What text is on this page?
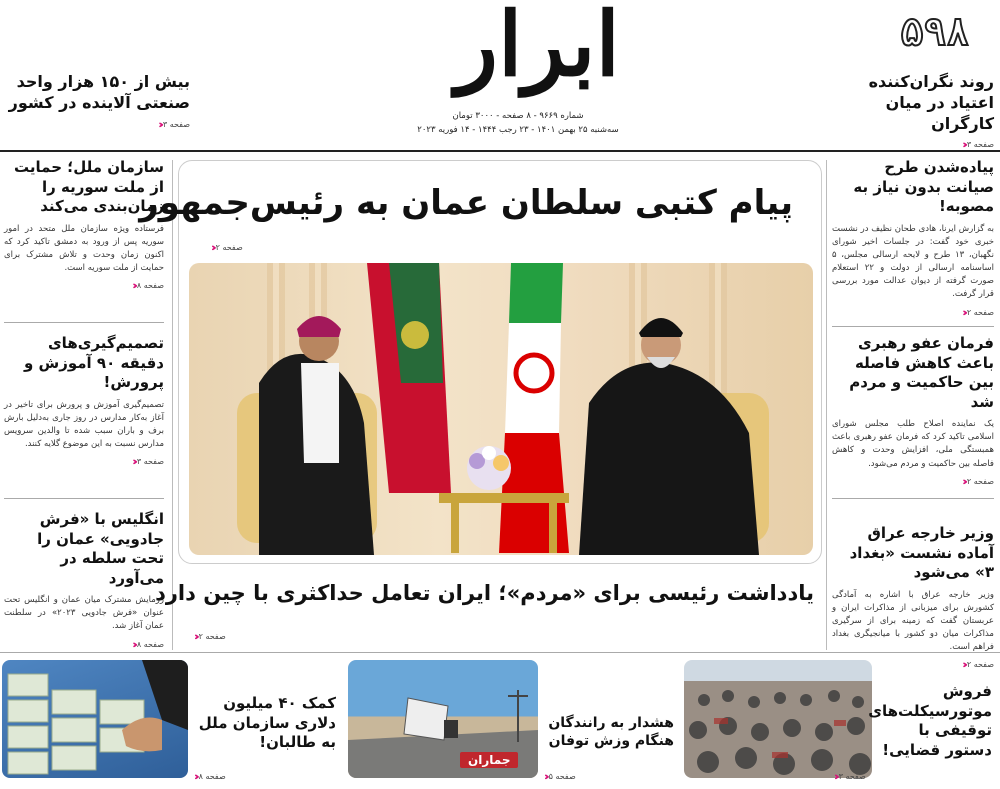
ابرار
شماره ۹۶۶۹ - ۸ صفحه - ۳۰۰۰ تومان
سه‌شنبه ۲۵ بهمن ۱۴۰۱ - ۲۳ رجب ۱۴۴۴ - ۱۴ فوریه ۲۰۲۳
۵۹۸
روند نگران‌کننده اعتیاد در میان کارگران
صفحه ۳
‹‹‹
بیش از ۱۵۰ هزار واحد صنعتی آلاینده در کشور
صفحه ۳
‹‹‹
پیاده‌شدن طرح صیانت بدون نیاز به مصوبه!
به گزارش ایرنا، هادی طحان نظیف در نشست خبری خود گفت: در جلسات اخیر شورای نگهبان، ۱۳ طرح و لایحه ارسالی مجلس، ۵ اساسنامه ارسالی از دولت و ۲۲ استعلام صورت گرفته از دیوان عدالت مورد بررسی قرار گرفت.
صفحه ۲
‹‹‹
فرمان عفو رهبری باعث کاهش فاصله بین حاکمیت و مردم شد
یک نماینده اصلاح طلب مجلس شورای اسلامی تاکید کرد که فرمان عفو رهبری باعث همبستگی ملی، افزایش وحدت و کاهش فاصله بین حاکمیت و مردم می‌شود.
صفحه ۲
‹‹‹
وزیر خارجه عراق آماده نشست «بغداد ۳» می‌شود
وزیر خارجه عراق با اشاره به آمادگی کشورش برای میزبانی از مذاکرات ایران و عربستان گفت که زمینه برای از سرگیری مذاکرات میان دو کشور با میانجیگری بغداد فراهم است.
صفحه ۲
‹‹‹
سازمان ملل؛ حمایت از ملت سوریه را زمان‌بندی می‌کند
فرستاده ویژه سازمان ملل متحد در امور سوریه پس از ورود به دمشق تاکید کرد که اکنون زمان وحدت و تلاش مشترک برای حمایت از ملت سوریه است.
صفحه ۸
‹‹‹
تصمیم‌گیری‌های دقیقه ۹۰ آموزش و پرورش!
تصمیم‌گیری آموزش و پرورش برای تاخیر در آغاز به‌کار مدارس در روز جاری به‌دلیل بارش برف و باران سبب شده تا والدین سرویس مدارس نسبت به این موضوع گلایه کنند.
صفحه ۳
‹‹‹
انگلیس با «فرش جادویی» عمان را تحت سلطه در می‌آورد
رزمایش مشترک میان عمان و انگلیس تحت عنوان «فرش جادویی ۲۰۲۳» در سلطنت عمان آغاز شد.
صفحه ۸
‹‹‹
پیام کتبی سلطان عمان به رئیس‌جمهور
صفحه ۲
‹‹‹
یادداشت رئیسی برای «مردم»؛ ایران تعامل حداکثری با چین دارد
صفحه ۲
‹‹‹
فروش موتورسیکلت‌های توقیفی با دستور قضایی!
صفحه ۳
‹‹‹
جماران
هشدار به رانندگان هنگام وزش توفان
صفحه ۵
‹‹‹
کمک ۴۰ میلیون دلاری سازمان ملل به طالبان!
صفحه ۸
‹‹‹
